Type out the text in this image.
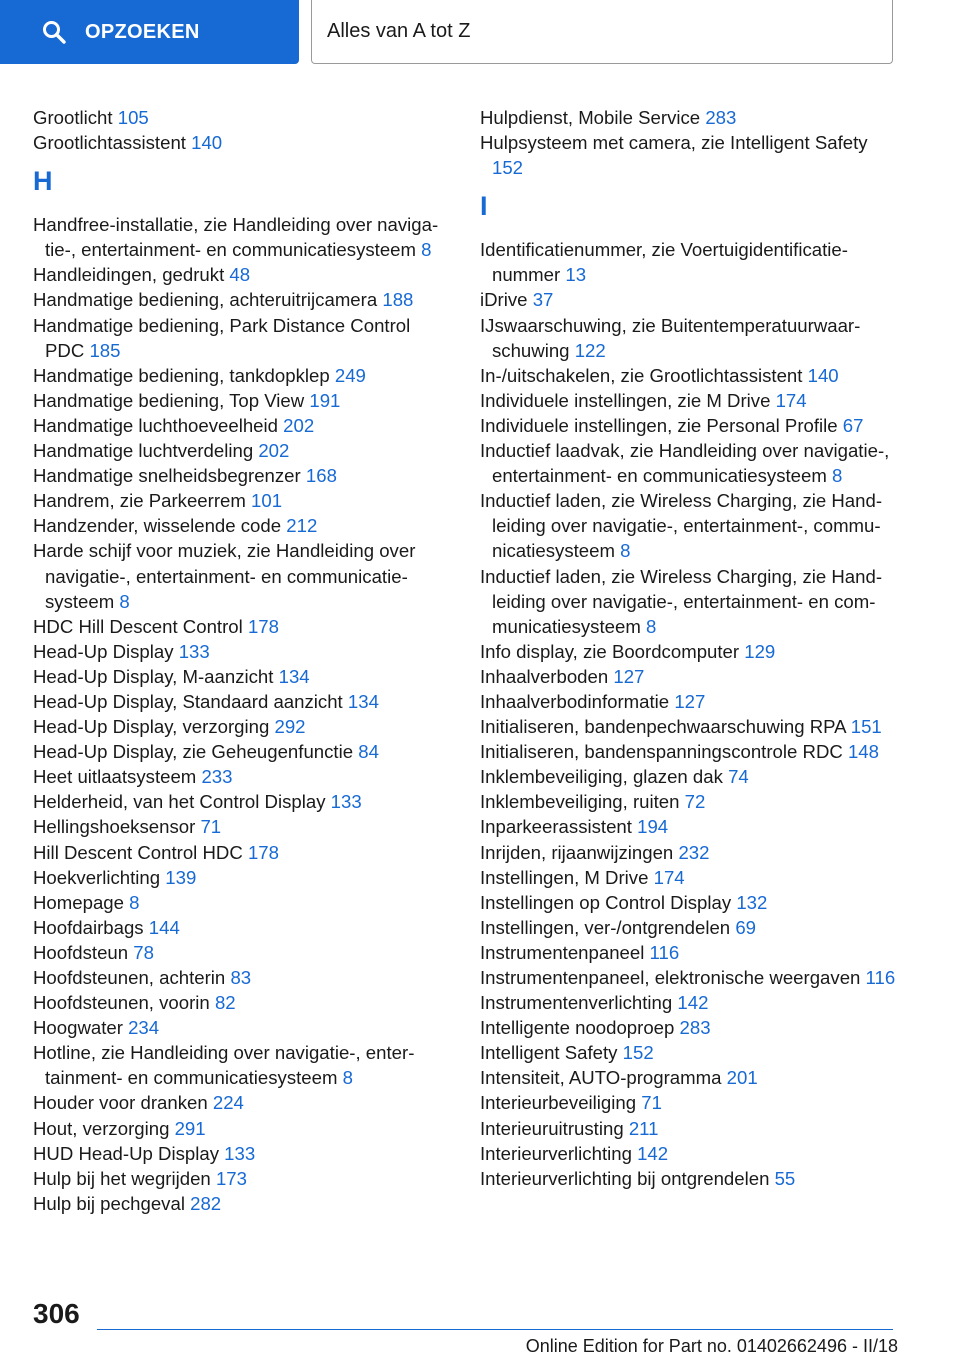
OPZOEKEN	Alles van A tot Z

Grootlicht 105

Grootlichtassistent 140

H

Handfree-installatie, zie Handleiding over navigatie-, entertainment- en communicatiesysteem 8

Handleidingen, gedrukt 48

Handmatige bediening, achteruitrijcamera 188

Handmatige bediening, Park Distance Control PDC 185

Handmatige bediening, tankdopklep 249

Handmatige bediening, Top View 191

Handmatige luchthoeveelheid 202

Handmatige luchtverdeling 202

Handmatige snelheidsbegrenzer 168

Handrem, zie Parkeerrem 101

Handzender, wisselende code 212

Harde schijf voor muziek, zie Handleiding over navigatie-, entertainment- en communicatiesysteem 8

HDC Hill Descent Control 178

Head-Up Display 133

Head-Up Display, M-aanzicht 134

Head-Up Display, Standaard aanzicht 134

Head-Up Display, verzorging 292

Head-Up Display, zie Geheugenfunctie 84

Heet uitlaatsysteem 233

Helderheid, van het Control Display 133

Hellingshoeksensor 71

Hill Descent Control HDC 178

Hoekverlichting 139

Homepage 8

Hoofdairbags 144

Hoofdsteun 78

Hoofdsteunen, achterin 83

Hoofdsteunen, voorin 82

Hoogwater 234

Hotline, zie Handleiding over navigatie-, entertainment- en communicatiesysteem 8

Houder voor dranken 224

Hout, verzorging 291

HUD Head-Up Display 133

Hulp bij het wegrijden 173

Hulp bij pechgeval 282

Hulpdienst, Mobile Service 283

Hulpsysteem met camera, zie Intelligent Safety 152

I

Identificatienummer, zie Voertuigidentificatienummer 13

iDrive 37

IJswaarschuwing, zie Buitentemperatuurwaarschuwing 122

In-/uitschakelen, zie Grootlichtassistent 140

Individuele instellingen, zie M Drive 174

Individuele instellingen, zie Personal Profile 67

Inductief laadvak, zie Handleiding over navigatie-, entertainment- en communicatiesysteem 8

Inductief laden, zie Wireless Charging, zie Handleiding over navigatie-, entertainment-, communicatiesysteem 8

Inductief laden, zie Wireless Charging, zie Handleiding over navigatie-, entertainment- en communicatiesysteem 8

Info display, zie Boordcomputer 129

Inhaalverboden 127

Inhaalverbodinformatie 127

Initialiseren, bandenpechwaarschuwing RPA 151

Initialiseren, bandenspanningscontrole RDC 148

Inklembeveiliging, glazen dak 74

Inklembeveiliging, ruiten 72

Inparkeerassistent 194

Inrijden, rijaanwijzingen 232

Instellingen, M Drive 174

Instellingen op Control Display 132

Instellingen, ver-/ontgrendelen 69

Instrumentenpaneel 116

Instrumentenpaneel, elektronische weergaven 116

Instrumentenverlichting 142

Intelligente noodoproep 283

Intelligent Safety 152

Intensiteit, AUTO-programma 201

Interieurbeveiliging 71

Interieuruitrusting 211

Interieurverlichting 142

Interieurverlichting bij ontgrendelen 55

306
Online Edition for Part no. 01402662496 - II/18
